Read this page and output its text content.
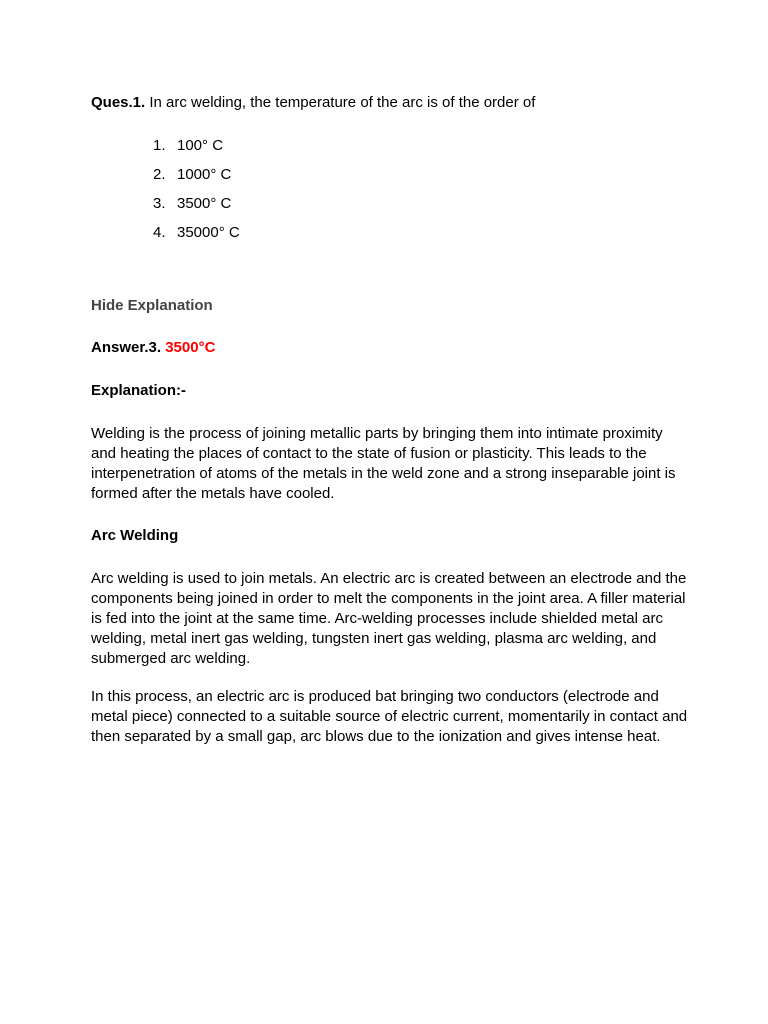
Ques.1. In arc welding, the temperature of the arc is of the order of

1. 100° C
2. 1000° C
3. 3500° C
4. 35000° C
Hide Explanation

Answer.3. 3500°C

Explanation:-

Welding is the process of joining metallic parts by bringing them into intimate proximity and heating the places of contact to the state of fusion or plasticity. This leads to the interpenetration of atoms of the metals in the weld zone and a strong inseparable joint is formed after the metals have cooled.

Arc Welding

Arc welding is used to join metals. An electric arc is created between an electrode and the components being joined in order to melt the components in the joint area. A filler material is fed into the joint at the same time. Arc-welding processes include shielded metal arc welding, metal inert gas welding, tungsten inert gas welding, plasma arc welding, and submerged arc welding.

In this process, an electric arc is produced bat bringing two conductors (electrode and metal piece) connected to a suitable source of electric current, momentarily in contact and then separated by a small gap, arc blows due to the ionization and gives intense heat.
